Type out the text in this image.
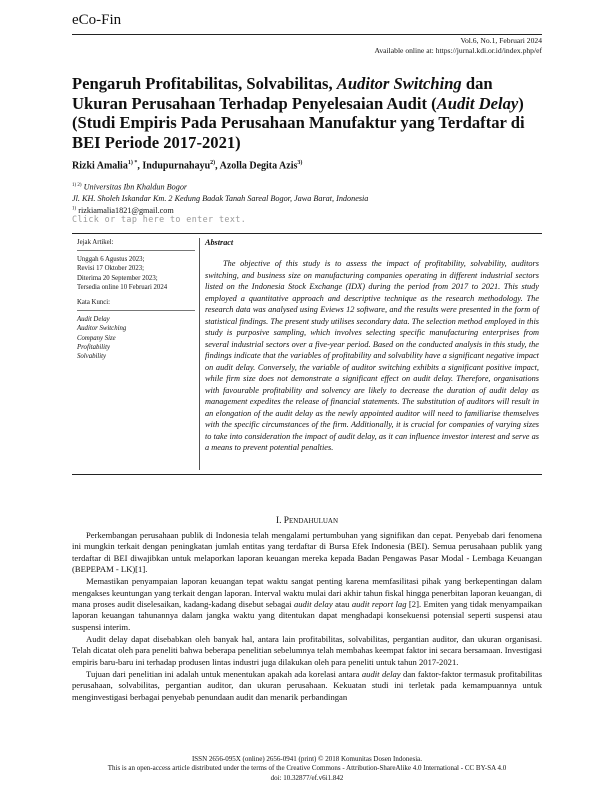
eCo-Fin
Vol.6, No.1, Februari 2024
Available online at: https://jurnal.kdi.or.id/index.php/ef
Pengaruh Profitabilitas, Solvabilitas, Auditor Switching dan Ukuran Perusahaan Terhadap Penyelesaian Audit (Audit Delay) (Studi Empiris Pada Perusahaan Manufaktur yang Terdaftar di BEI Periode 2017-2021)
Rizki Amalia$^{1) *}$, Indupurnahayu$^{2)}$, Azolla Degita Azis$^{3)}$
$^{1) 2)}$ Universitas Ibn Khaldun Bogor
Jl. KH. Sholeh Iskandar Km. 2 Kedung Badak Tanah Sareal Bogor, Jawa Barat, Indonesia
$^{1)}$ rizkiamalia1821@gmail.com
Click or tap here to enter text.
Jejak Artikel:
Unggah 6 Agustus 2023;
Revisi 17 Oktober 2023;
Diterima 20 September 2023;
Tersedia online 10 Februari 2024
Kata Kunci:
Audit Delay
Auditor Switching
Company Size
Profitability
Solvability
Abstract
The objective of this study is to assess the impact of profitability, solvability, auditors switching, and business size on manufacturing companies operating in different industrial sectors listed on the Indonesia Stock Exchange (IDX) during the period from 2017 to 2021. This study employed a quantitative approach and descriptive technique as the research methodology. The research data was analysed using Eviews 12 software, and the results were presented in the form of statistical findings. The present study utilises secondary data. The selection method employed in this study is purposive sampling, which involves selecting specific manufacturing enterprises from several industrial sectors over a five-year period. Based on the conducted analysis in this study, the findings indicate that the variables of profitability and solvability have a significant negative impact on audit delay. Conversely, the variable of auditor switching exhibits a significant positive impact, while firm size does not demonstrate a significant effect on audit delay. Therefore, organisations with favourable profitability and solvency are likely to decrease the duration of audit delay as management expedites the release of financial statements. The substitution of auditors will result in an elongation of the audit delay as the newly appointed auditor will need to familiarise themselves with the specific circumstances of the firm. Additionally, it is crucial for companies of varying sizes to take into consideration the impact of audit delay, as it can influence investor interest and serve as a means to prevent potential penalties.
I. Pendahuluan

Perkembangan perusahaan publik di Indonesia telah mengalami pertumbuhan yang signifikan dan cepat. Penyebab dari fenomena ini mungkin terkait dengan peningkatan jumlah entitas yang terdaftar di Bursa Efek Indonesia (BEI). Semua perusahaan publik yang terdaftar di BEI diwajibkan untuk melaporkan laporan keuangan mereka kepada Badan Pengawas Pasar Modal - Lembaga Keuangan (BEPEPAM - LK)[1].

Memastikan penyampaian laporan keuangan tepat waktu sangat penting karena memfasilitasi pihak yang berkepentingan dalam mengakses keuntungan yang terkait dengan laporan. Interval waktu mulai dari akhir tahun fiskal hingga penerbitan laporan keuangan, di mana proses audit diselesaikan, kadang-kadang disebut sebagai audit delay atau audit report lag [2]. Emiten yang tidak menyampaikan laporan keuangan tahunannya dalam jangka waktu yang ditentukan dapat menghadapi konsekuensi potensial seperti suspensi atau suspensi interim.

Audit delay dapat disebabkan oleh banyak hal, antara lain profitabilitas, solvabilitas, pergantian auditor, dan ukuran organisasi. Telah dicatat oleh para peneliti bahwa beberapa penelitian sebelumnya telah membahas keempat faktor ini secara bersamaan. Investigasi empiris baru-baru ini terhadap produsen lintas industri juga dilakukan oleh para peneliti untuk tahun 2017-2021.

Tujuan dari penelitian ini adalah untuk menentukan apakah ada korelasi antara audit delay dan faktor-faktor termasuk profitabilitas perusahaan, solvabilitas, pergantian auditor, dan ukuran perusahaan. Kekuatan studi ini terletak pada kemampuannya untuk menginvestigasi berbagai penyebab penundaan audit dan menarik perbandingan

ISSN 2656-095X (online) 2656-0941 (print) © 2018 Komunitas Dosen Indonesia.
This is an open-access article distributed under the terms of the Creative Commons - Attribution-ShareAlike 4.0 International - CC BY-SA 4.0
doi: 10.32877/ef.v6i1.842
